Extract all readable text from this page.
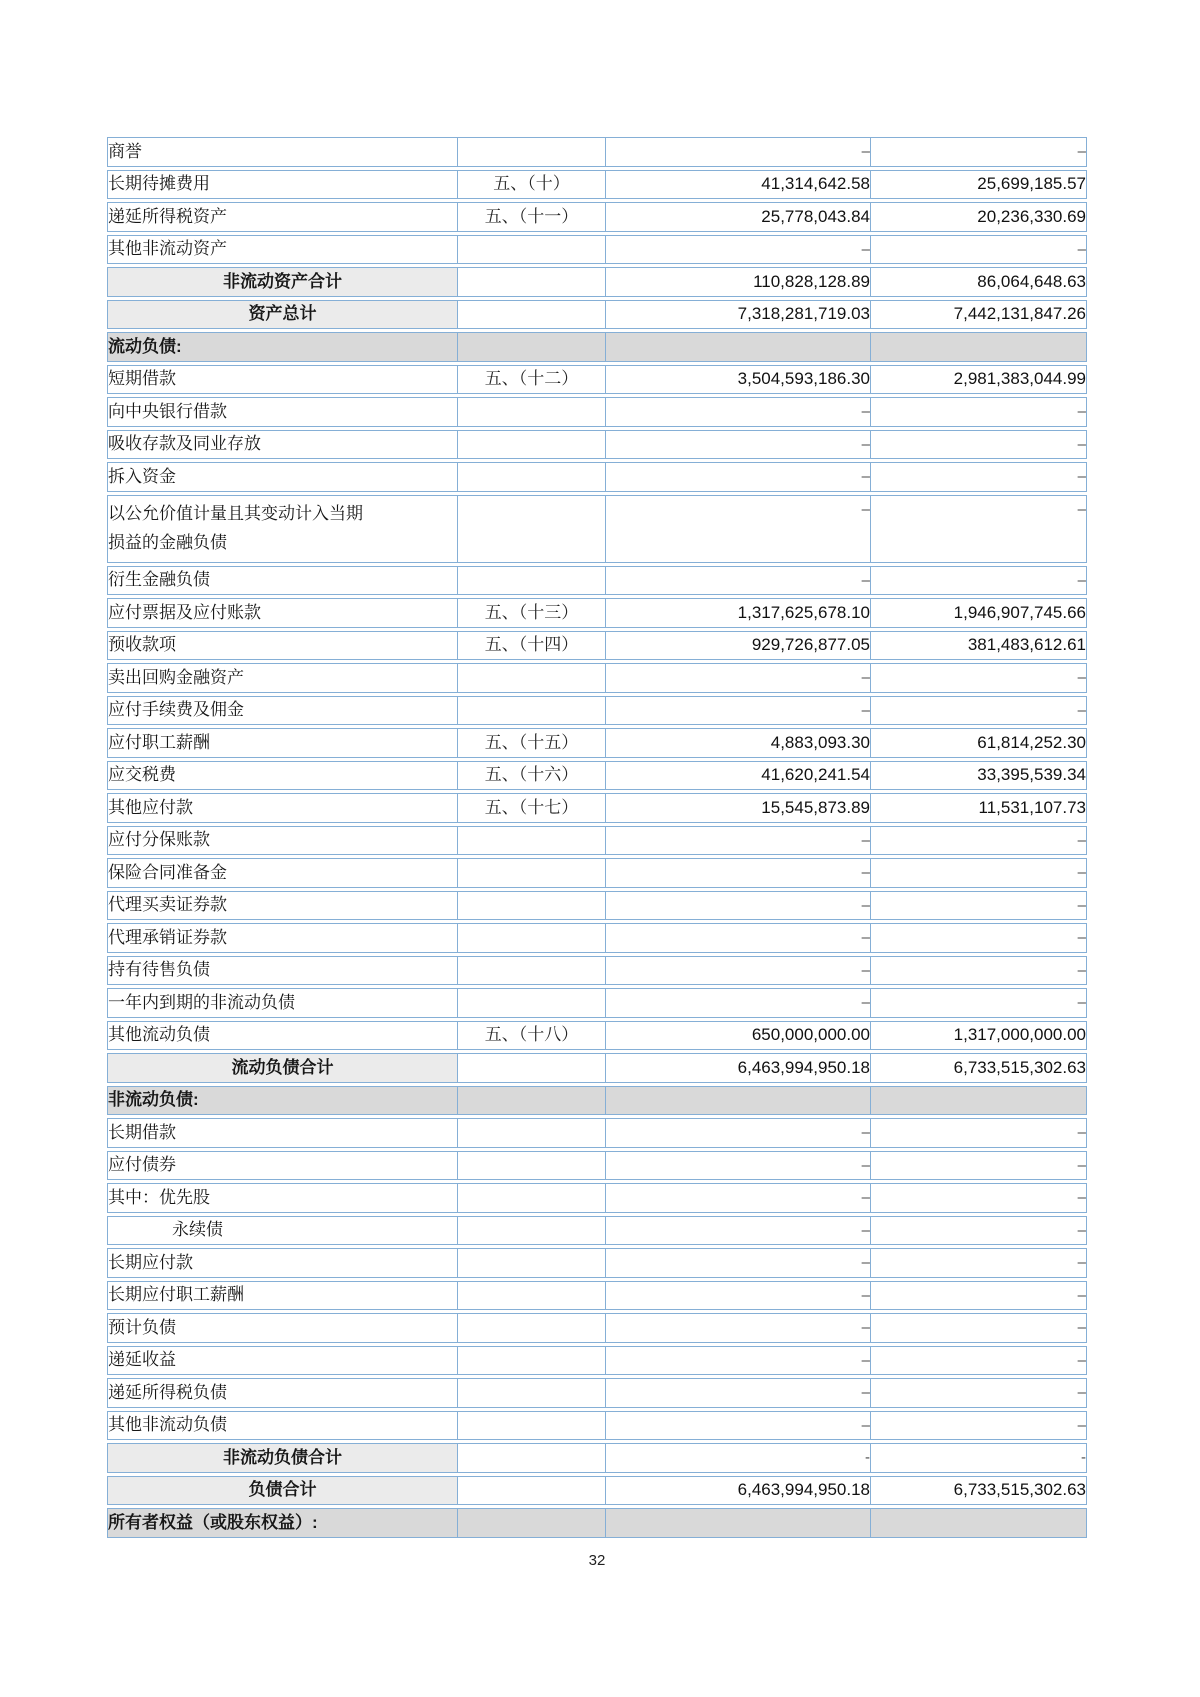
商誉		–	–
长期待摊费用	五、（十）	41,314,642.58	25,699,185.57
递延所得税资产	五、（十一）	25,778,043.84	20,236,330.69
其他非流动资产		–	–
非流动资产合计		110,828,128.89	86,064,648.63
资产总计		7,318,281,719.03	7,442,131,847.26
流动负债:			
短期借款	五、（十二）	3,504,593,186.30	2,981,383,044.99
向中央银行借款		–	–
吸收存款及同业存放		–	–
拆入资金		–	–

以公允价值计量且其变动计入当期
损益的金融负债		–	–
衍生金融负债		–	–
应付票据及应付账款	五、（十三）	1,317,625,678.10	1,946,907,745.66
预收款项	五、（十四）	929,726,877.05	381,483,612.61
卖出回购金融资产		–	–
应付手续费及佣金		–	–
应付职工薪酬	五、（十五）	4,883,093.30	61,814,252.30
应交税费	五、（十六）	41,620,241.54	33,395,539.34
其他应付款	五、（十七）	15,545,873.89	11,531,107.73
应付分保账款		–	–
保险合同准备金		–	–
代理买卖证券款		–	–
代理承销证券款		–	–
持有待售负债		–	–
一年内到期的非流动负债		–	–
其他流动负债	五、（十八）	650,000,000.00	1,317,000,000.00
流动负债合计		6,463,994,950.18	6,733,515,302.63
非流动负债:			
长期借款		–	–
应付债券		–	–
其中：优先股		–	–
永续债		–	–
长期应付款		–	–
长期应付职工薪酬		–	–
预计负债		–	–
递延收益		–	–
递延所得税负债		–	–
其他非流动负债		–	–
非流动负债合计		-	-
负债合计		6,463,994,950.18	6,733,515,302.63
所有者权益（或股东权益）:			
32
